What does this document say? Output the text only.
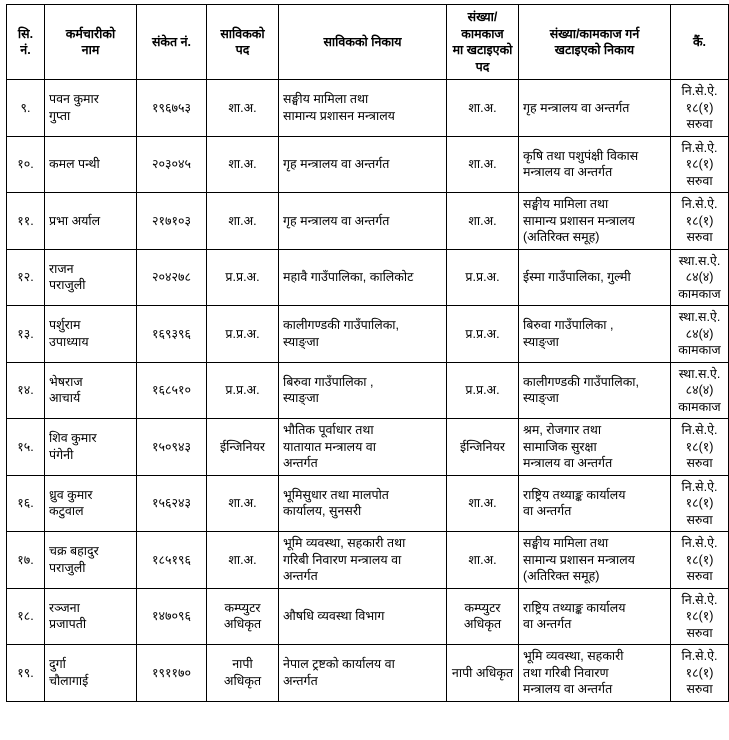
सि.
नं.	कर्मचारीको
नाम	संकेत नं.	साविकको
पद	साविकको निकाय	संख्या/कामकाज
मा खटाइएको
पद	संख्या/कामकाज गर्न
खटाइएको निकाय	कैं.

९.	पवन कुमार
गुप्ता	१९६७५३	शा.अ.	सङ्घीय मामिला तथा
सामान्य प्रशासन मन्त्रालय	शा.अ.	गृह मन्त्रालय वा अन्तर्गत	नि.से.ऐ.
१८(१)
सरुवा

१०.	कमल पन्थी	२०३०४५	शा.अ.	गृह मन्त्रालय वा अन्तर्गत	शा.अ.	कृषि तथा पशुपंक्षी विकास
मन्त्रालय वा अन्तर्गत	नि.से.ऐ.
१८(१)
सरुवा

११.	प्रभा अर्याल	२१७१०३	शा.अ.	गृह मन्त्रालय वा अन्तर्गत	शा.अ.	सङ्घीय मामिला तथा
सामान्य प्रशासन मन्त्रालय
(अतिरिक्त समूह)	नि.से.ऐ.
१८(१)
सरुवा

१२.	राजन
पराजुली	२०४२७८	प्र.प्र.अ.	महावै गाउँपालिका, कालिकोट	प्र.प्र.अ.	ईस्मा गाउँपालिका, गुल्मी	स्था.स.ऐ.
८४(४)
कामकाज

१३.	पर्शुराम
उपाध्याय	१६९३९६	प्र.प्र.अ.	कालीगण्डकी गाउँपालिका,
स्याङ्जा	प्र.प्र.अ.	बिरुवा गाउँपालिका ,
स्याङ्जा	स्था.स.ऐ.
८४(४)
कामकाज

१४.	भेषराज
आचार्य	१६८५१०	प्र.प्र.अ.	बिरुवा गाउँपालिका ,
स्याङ्जा	प्र.प्र.अ.	कालीगण्डकी गाउँपालिका,
स्याङ्जा	स्था.स.ऐ.
८४(४)
कामकाज

१५.	शिव कुमार
पंगेनी	१५०९४३	ईन्जिनियर	भौतिक पूर्वाधार तथा
यातायात मन्त्रालय वा
अन्तर्गत	ईन्जिनियर	श्रम, रोजगार तथा
सामाजिक सुरक्षा
मन्त्रालय वा अन्तर्गत	नि.से.ऐ.
१८(१)
सरुवा

१६.	ध्रुव कुमार
कटुवाल	१५६२४३	शा.अ.	भूमिसुधार तथा मालपोत
कार्यालय, सुनसरी	शा.अ.	राष्ट्रिय तथ्याङ्क कार्यालय
वा अन्तर्गत	नि.से.ऐ.
१८(१)
सरुवा

१७.	चक्र बहादुर
पराजुली	१८५१९६	शा.अ.	भूमि व्यवस्था, सहकारी तथा
गरिबी निवारण मन्त्रालय वा
अन्तर्गत	शा.अ.	सङ्घीय मामिला तथा
सामान्य प्रशासन मन्त्रालय
(अतिरिक्त समूह)	नि.से.ऐ.
१८(१)
सरुवा

१८.	रञ्जना
प्रजापती	१४७०९६	कम्प्युटर
अधिकृत	औषधि व्यवस्था विभाग	कम्प्युटर
अधिकृत	राष्ट्रिय तथ्याङ्क कार्यालय
वा अन्तर्गत	नि.से.ऐ.
१८(१)
सरुवा

१९.	दुर्गा
चौलागाई	१९११७०	नापी
अधिकृत	नेपाल ट्रष्टको कार्यालय वा
अन्तर्गत	नापी अधिकृत	भूमि व्यवस्था, सहकारी
तथा गरिबी निवारण
मन्त्रालय वा अन्तर्गत	नि.से.ऐ.
१८(१)
सरुवा
